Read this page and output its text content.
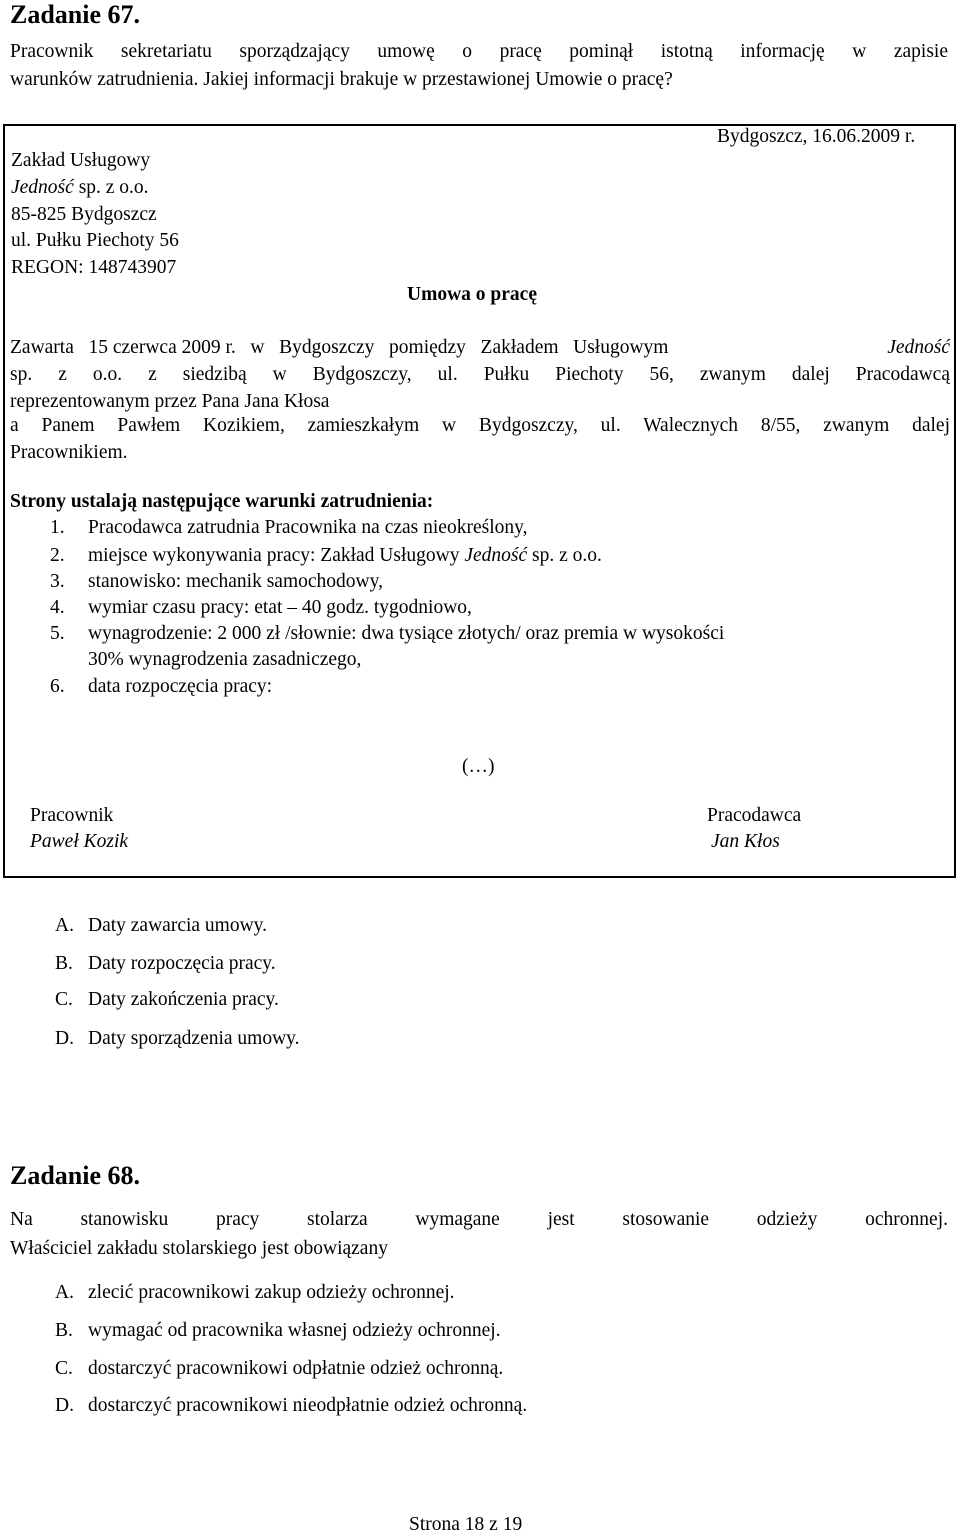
Zadanie 67.
Pracownik sekretariatu sporządzający umowę o pracę pominął istotną informację w zapisie
warunków zatrudnienia. Jakiej informacji brakuje w przestawionej Umowie o pracę?
Zakład Usługowy
Jedność sp. z o.o.
85-825 Bydgoszcz
ul. Pułku Piechoty 56
REGON: 148743907
Bydgoszcz, 16.06.2009 r.
Umowa o pracę
Zawarta   15 czerwca 2009 r.   w   Bydgoszczy   pomiędzy   Zakładem   Usługowym	Jedność
sp. z o.o. z siedzibą w Bydgoszczy, ul. Pułku Piechoty 56, zwanym dalej Pracodawcą
reprezentowanym przez Pana Jana Kłosa
a Panem Pawłem Kozikiem, zamieszkałym w Bydgoszczy, ul. Walecznych 8/55, zwanym dalej
Pracownikiem.
Strony ustalają następujące warunki zatrudnienia:
1. Pracodawca zatrudnia Pracownika na czas nieokreślony,
2. miejsce wykonywania pracy: Zakład Usługowy Jedność sp. z o.o.
3. stanowisko: mechanik samochodowy,
4. wymiar czasu pracy: etat – 40 godz. tygodniowo,
5. wynagrodzenie: 2 000 zł /słownie: dwa tysiące złotych/ oraz premia w wysokości
30% wynagrodzenia zasadniczego,
6. data rozpoczęcia pracy:
(…)
Pracownik
Paweł Kozik
Pracodawca
Jan Kłos
A. Daty zawarcia umowy.
B. Daty rozpoczęcia pracy.
C. Daty zakończenia pracy.
D. Daty sporządzenia umowy.
Zadanie 68.
Na stanowisku pracy stolarza wymagane jest stosowanie odzieży ochronnej.
Właściciel zakładu stolarskiego jest obowiązany
A. zlecić pracownikowi zakup odzieży ochronnej.
B. wymagać od pracownika własnej odzieży ochronnej.
C. dostarczyć pracownikowi odpłatnie odzież ochronną.
D. dostarczyć pracownikowi nieodpłatnie odzież ochronną.
Strona 18 z 19
